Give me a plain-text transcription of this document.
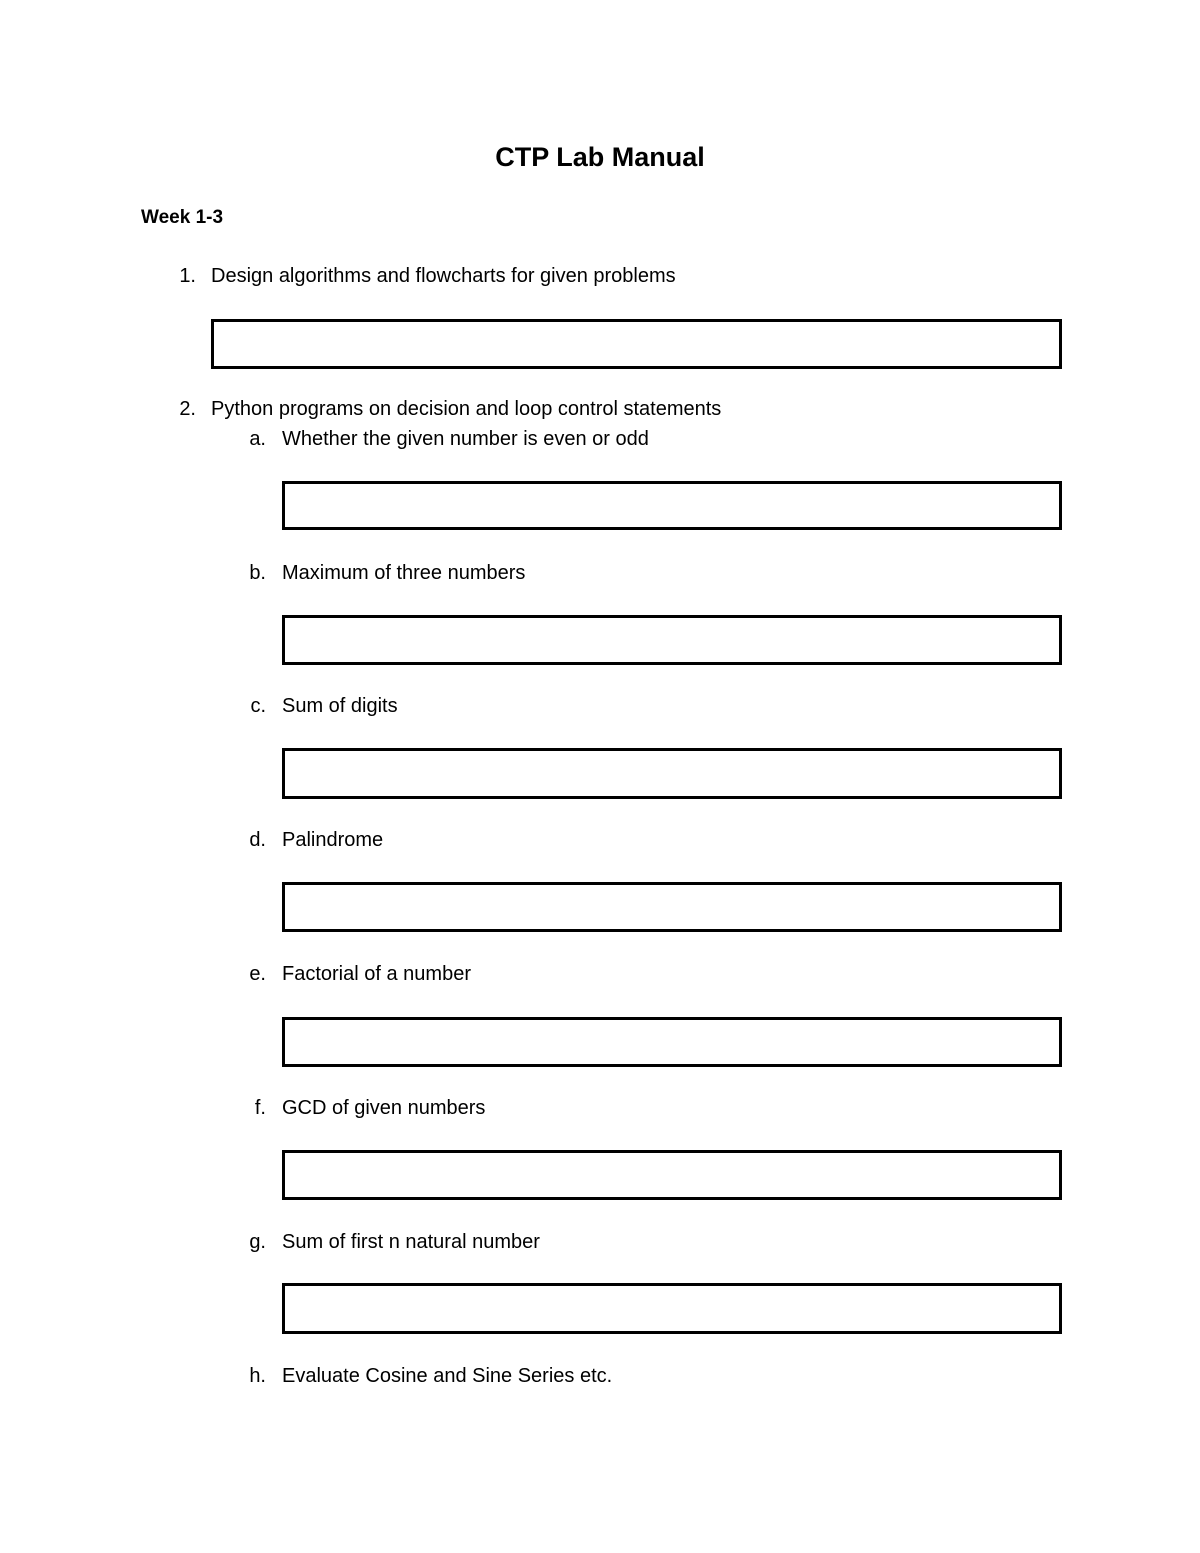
CTP Lab Manual
Week 1-3
1. Design algorithms and flowcharts for given problems
2. Python programs on decision and loop control statements
a. Whether the given number is even or odd
b. Maximum of three numbers
c. Sum of digits
d. Palindrome
e. Factorial of a number
f. GCD of given numbers
g. Sum of first n natural number
h. Evaluate Cosine and Sine Series etc.
